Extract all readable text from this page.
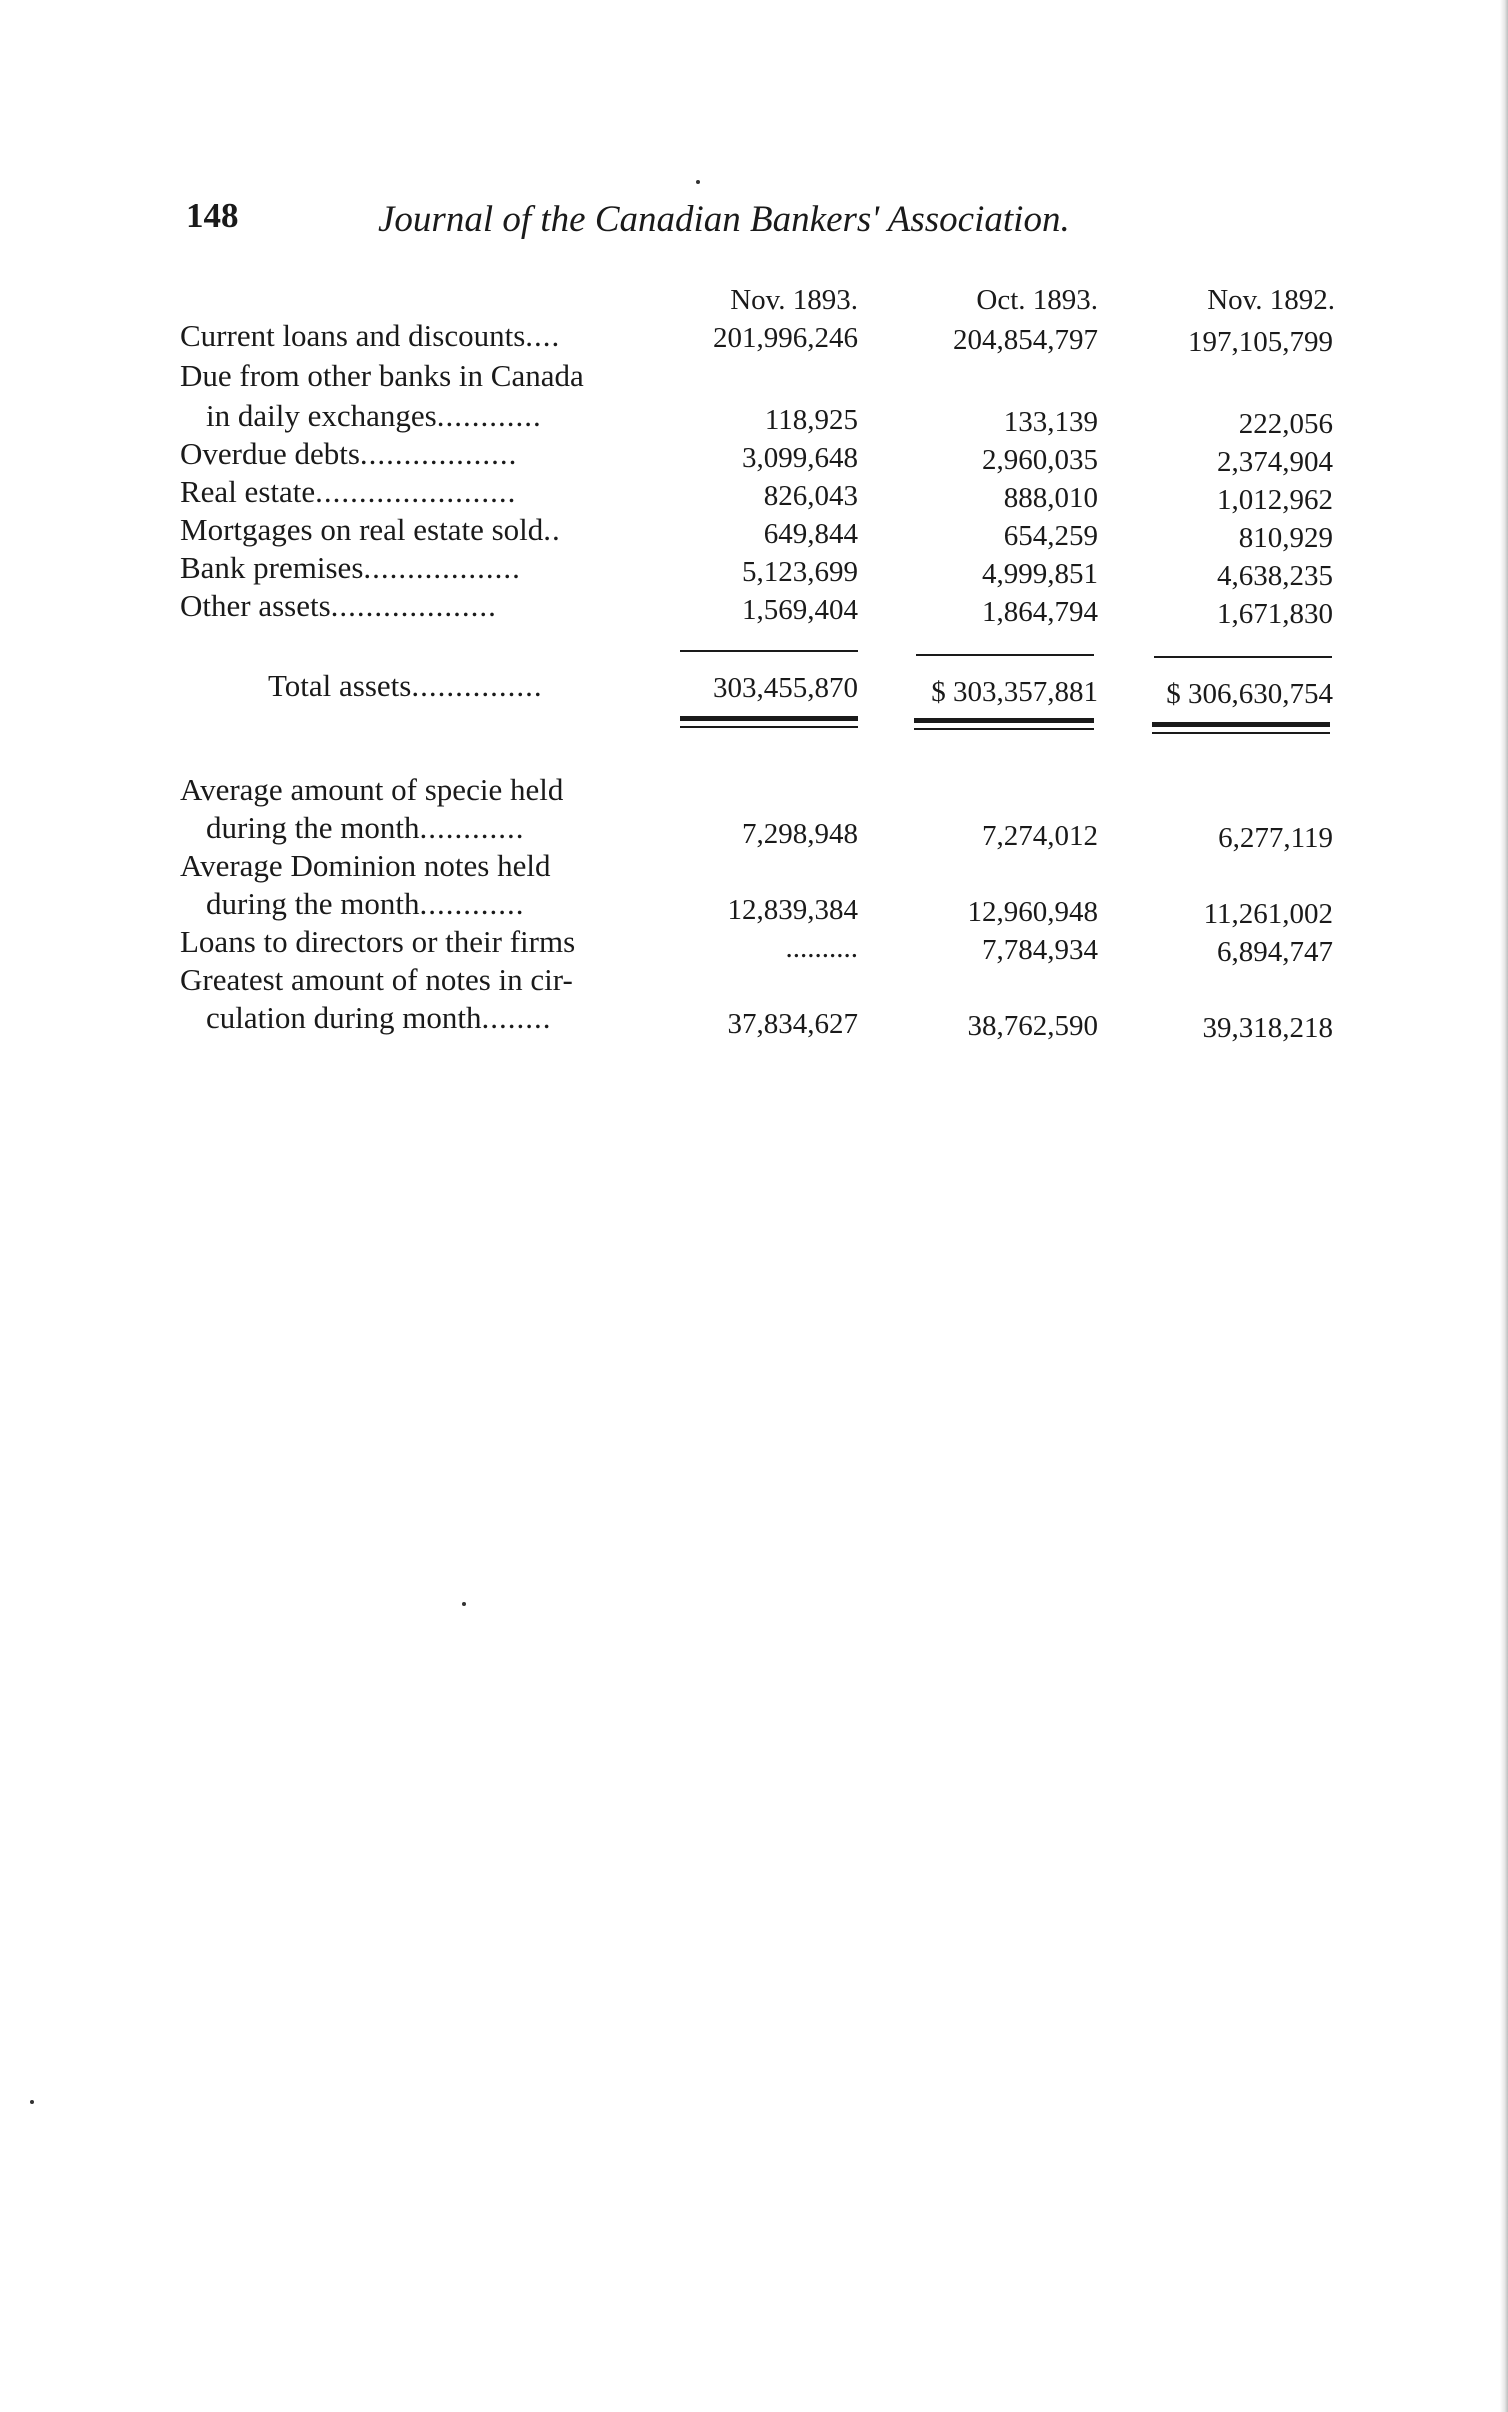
148	Journal of the Canadian Bankers' Association.
Nov. 1893.	Oct. 1893.	Nov. 1892.
Current loans and discounts....	201,996,246	204,854,797	197,105,799
Due from other banks in Canada
in daily exchanges............	118,925	133,139	222,056
Overdue debts..................	3,099,648	2,960,035	2,374,904
Real estate.......................	826,043	888,010	1,012,962
Mortgages on real estate sold..	649,844	654,259	810,929
Bank premises..................	5,123,699	4,999,851	4,638,235
Other assets...................	1,569,404	1,864,794	1,671,830
Total assets...............	303,455,870	$ 303,357,881	$ 306,630,754
Average amount of specie held
during the month............	7,298,948	7,274,012	6,277,119
Average Dominion notes held
during the month............	12,839,384	12,960,948	11,261,002
Loans to directors or their firms	..........	7,784,934	6,894,747
Greatest amount of notes in cir-
culation during month........	37,834,627	38,762,590	39,318,218
